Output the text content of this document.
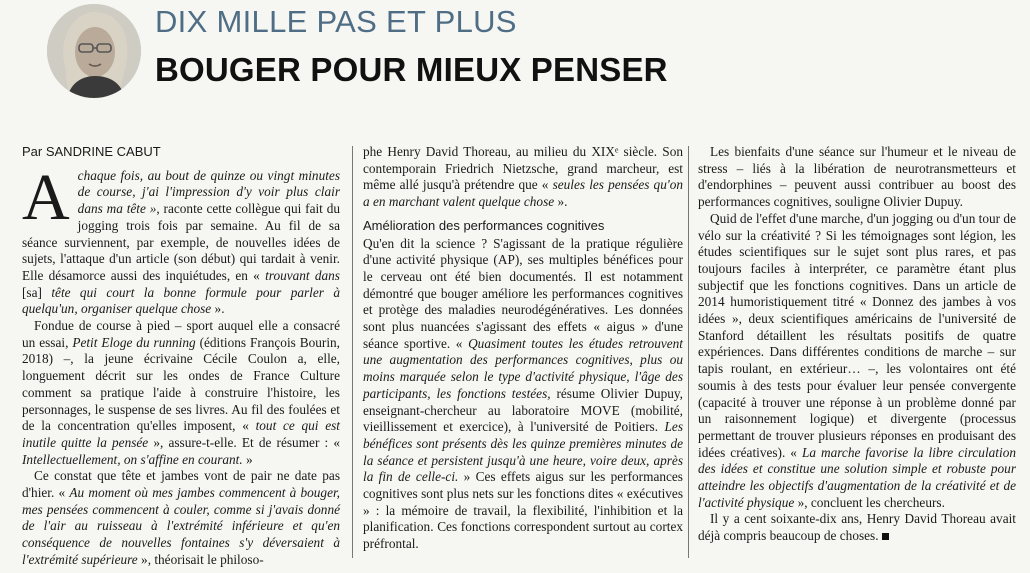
DIX MILLE PAS ET PLUS
BOUGER POUR MIEUX PENSER
Par SANDRINE CABUT

A chaque fois, au bout de quinze ou vingt minutes de course, j'ai l'impression d'y voir plus clair dans ma tête », raconte cette collègue qui fait du jogging trois fois par semaine. Au fil de sa séance surviennent, par exemple, de nouvelles idées de sujets, l'attaque d'un article (son début) qui tardait à venir. Elle désamorce aussi des inquiétudes, en « trouvant dans [sa] tête qui court la bonne formule pour parler à quelqu'un, organiser quelque chose ».

Fondue de course à pied – sport auquel elle a consacré un essai, Petit Eloge du running (éditions François Bourin, 2018) –, la jeune écrivaine Cécile Coulon a, elle, longuement décrit sur les ondes de France Culture comment sa pratique l'aide à construire l'histoire, les personnages, le suspense de ses livres. Au fil des foulées et de la concentration qu'elles imposent, « tout ce qui est inutile quitte la pensée », assure-t-elle. Et de résumer : « Intellectuellement, on s'affine en courant. »

Ce constat que tête et jambes vont de pair ne date pas d'hier. « Au moment où mes jambes commencent à bouger, mes pensées commencent à couler, comme si j'avais donné de l'air au ruisseau à l'extrémité inférieure et qu'en conséquence de nouvelles fontaines s'y déversaient à l'extrémité supérieure », théorisait le philoso-

phe Henry David Thoreau, au milieu du XIXᵉ siècle. Son contemporain Friedrich Nietzsche, grand marcheur, est même allé jusqu'à prétendre que « seules les pensées qu'on a en marchant valent quelque chose ».

Amélioration des performances cognitives

Qu'en dit la science ? S'agissant de la pratique régulière d'une activité physique (AP), ses multiples bénéfices pour le cerveau ont été bien documentés. Il est notamment démontré que bouger améliore les performances cognitives et protège des maladies neurodégénératives. Les données sont plus nuancées s'agissant des effets « aigus » d'une séance sportive. « Quasiment toutes les études retrouvent une augmentation des performances cognitives, plus ou moins marquée selon le type d'activité physique, l'âge des participants, les fonctions testées, résume Olivier Dupuy, enseignant-chercheur au laboratoire MOVE (mobilité, vieillissement et exercice), à l'université de Poitiers. Les bénéfices sont présents dès les quinze premières minutes de la séance et persistent jusqu'à une heure, voire deux, après la fin de celle-ci. » Ces effets aigus sur les performances cognitives sont plus nets sur les fonctions dites « exécutives » : la mémoire de travail, la flexibilité, l'inhibition et la planification. Ces fonctions correspondent surtout au cortex préfrontal.

Les bienfaits d'une séance sur l'humeur et le niveau de stress – liés à la libération de neurotransmetteurs et d'endorphines – peuvent aussi contribuer au boost des performances cognitives, souligne Olivier Dupuy.

Quid de l'effet d'une marche, d'un jogging ou d'un tour de vélo sur la créativité ? Si les témoignages sont légion, les études scientifiques sur le sujet sont plus rares, et pas toujours faciles à interpréter, ce paramètre étant plus subjectif que les fonctions cognitives. Dans un article de 2014 humoristiquement titré « Donnez des jambes à vos idées », deux scientifiques américains de l'université de Stanford détaillent les résultats positifs de quatre expériences. Dans différentes conditions de marche – sur tapis roulant, en extérieur… –, les volontaires ont été soumis à des tests pour évaluer leur pensée convergente (capacité à trouver une réponse à un problème donné par un raisonnement logique) et divergente (processus permettant de trouver plusieurs réponses en produisant des idées créatives). « La marche favorise la libre circulation des idées et constitue une solution simple et robuste pour atteindre les objectifs d'augmentation de la créativité et de l'activité physique », concluent les chercheurs.

Il y a cent soixante-dix ans, Henry David Thoreau avait déjà compris beaucoup de choses.
